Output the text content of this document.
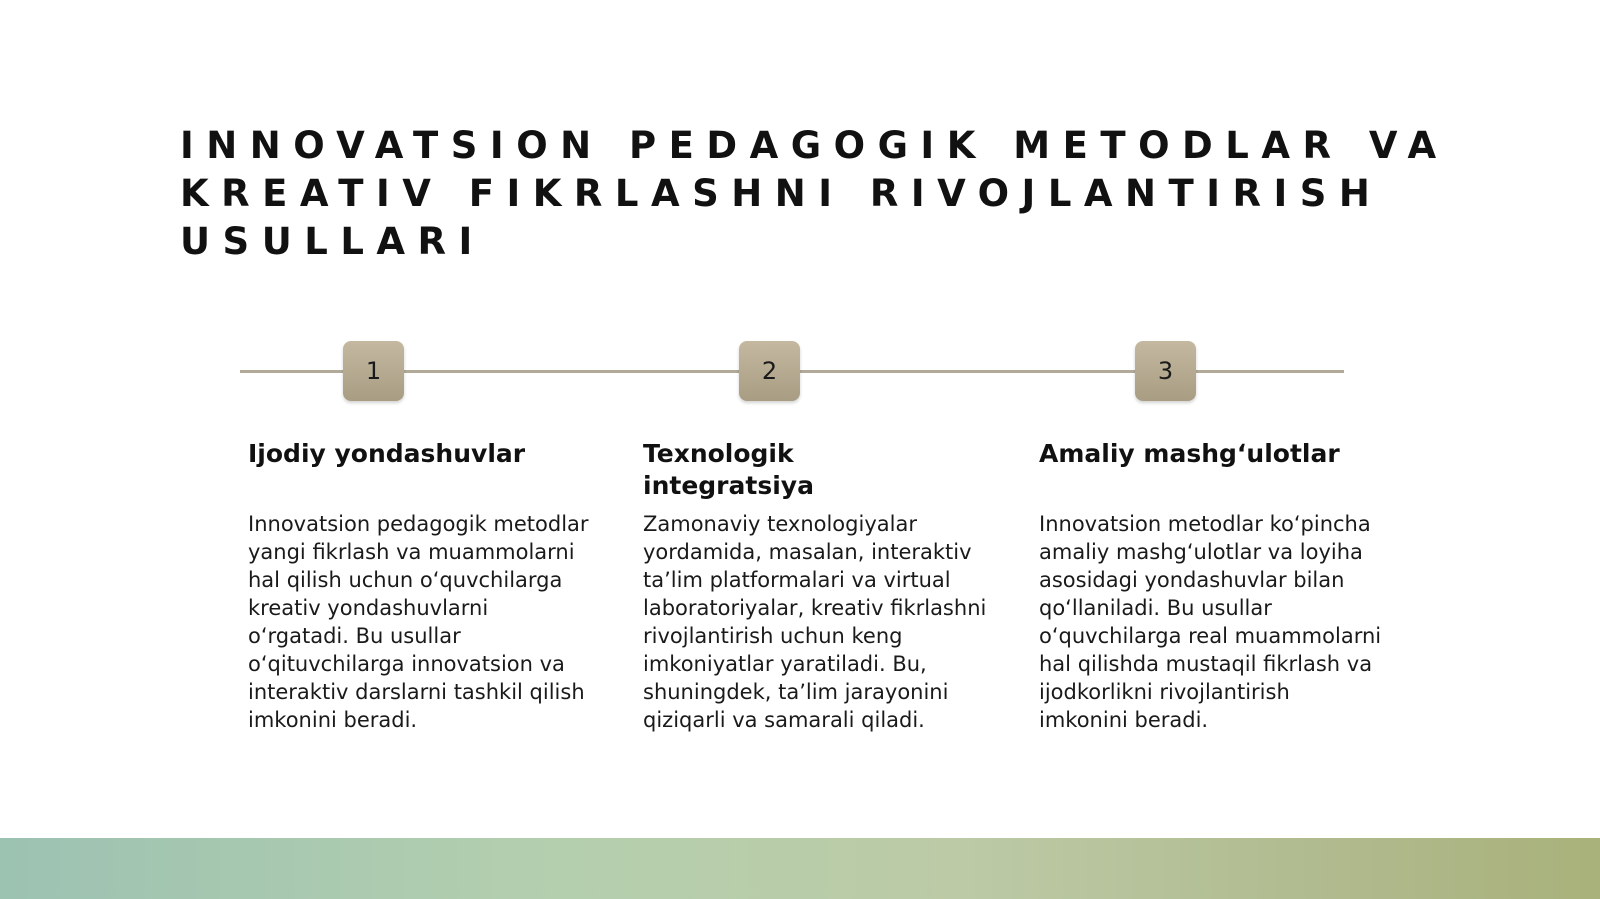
INNOVATSION PEDAGOGIK METODLAR VA KREATIV FIKRLASHNI RIVOJLANTIRISH USULLARI
1	2	3
Ijodiy yondashuvlar

Innovatsion pedagogik metodlar yangi fikrlash va muammolarni hal qilish uchun oʻquvchilarga kreativ yondashuvlarni oʻrgatadi. Bu usullar oʻqituvchilarga innovatsion va interaktiv darslarni tashkil qilish imkonini beradi.

Texnologik integratsiya

Zamonaviy texnologiyalar yordamida, masalan, interaktiv taʼlim platformalari va virtual laboratoriyalar, kreativ fikrlashni rivojlantirish uchun keng imkoniyatlar yaratiladi. Bu, shuningdek, taʼlim jarayonini qiziqarli va samarali qiladi.

Amaliy mashgʻulotlar

Innovatsion metodlar koʻpincha amaliy mashgʻulotlar va loyiha asosidagi yondashuvlar bilan qoʻllaniladi. Bu usullar oʻquvchilarga real muammolarni hal qilishda mustaqil fikrlash va ijodkorlikni rivojlantirish imkonini beradi.
